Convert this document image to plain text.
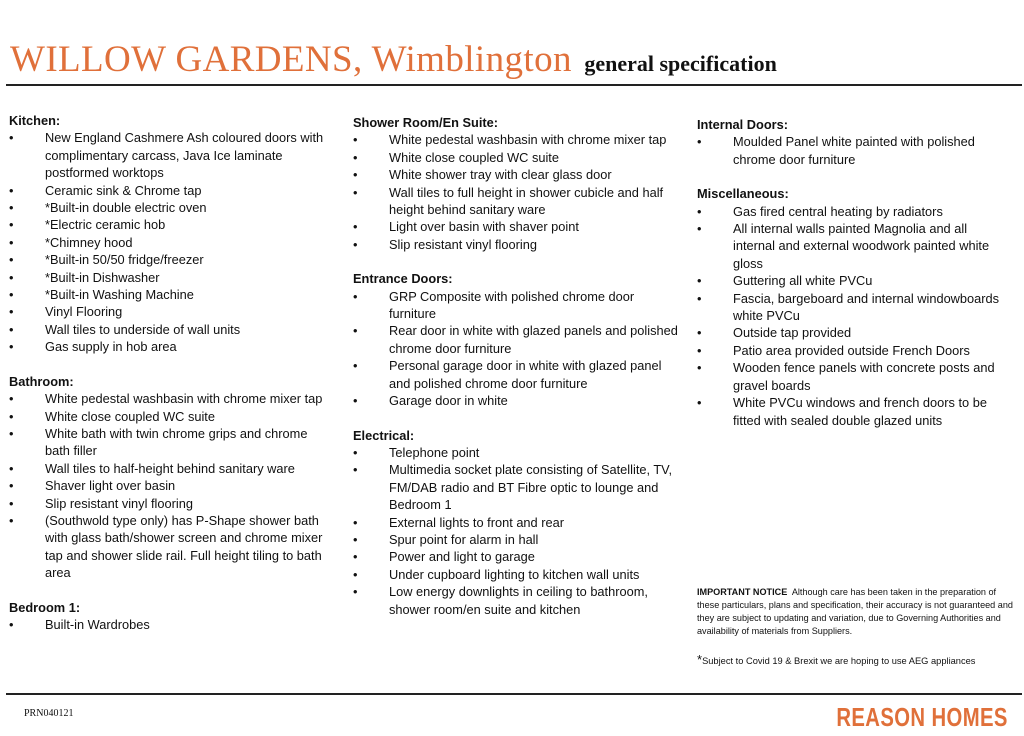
WILLOW GARDENS, Wimblington general specification
Kitchen:
• New England Cashmere Ash coloured doors with complimentary carcass, Java Ice laminate postformed worktops
• Ceramic sink & Chrome tap
• *Built-in double electric oven
• *Electric ceramic hob
• *Chimney hood
• *Built-in 50/50 fridge/freezer
• *Built-in Dishwasher
• *Built-in Washing Machine
• Vinyl Flooring
• Wall tiles to underside of wall units
• Gas supply in hob area
Bathroom:
• White pedestal washbasin with chrome mixer tap
• White close coupled WC suite
• White bath with twin chrome grips and chrome bath filler
• Wall tiles to half-height behind sanitary ware
• Shaver light over basin
• Slip resistant vinyl flooring
• (Southwold type only) has P-Shape shower bath with glass bath/shower screen and chrome mixer tap and shower slide rail. Full height tiling to bath area
Bedroom 1:
• Built-in Wardrobes
Shower Room/En Suite:
• White pedestal washbasin with chrome mixer tap
• White close coupled WC suite
• White shower tray with clear glass door
• Wall tiles to full height in shower cubicle and half height behind sanitary ware
• Light over basin with shaver point
• Slip resistant vinyl flooring
Entrance Doors:
• GRP Composite with polished chrome door furniture
• Rear door in white with glazed panels and polished chrome door furniture
• Personal garage door in white with glazed panel and polished chrome door furniture
• Garage door in white
Electrical:
• Telephone point
• Multimedia socket plate consisting of Satellite, TV, FM/DAB radio and BT Fibre optic to lounge and Bedroom 1
• External lights to front and rear
• Spur point for alarm in hall
• Power and light to garage
• Under cupboard lighting to kitchen wall units
• Low energy downlights in ceiling to bathroom, shower room/en suite and kitchen
Internal Doors:
• Moulded Panel white painted with polished chrome door furniture
Miscellaneous:
• Gas fired central heating by radiators
• All internal walls painted Magnolia and all internal and external woodwork painted white gloss
• Guttering all white PVCu
• Fascia, bargeboard and internal windowboards white PVCu
• Outside tap provided
• Patio area provided outside French Doors
• Wooden fence panels with concrete posts and gravel boards
• White PVCu windows and french doors to be fitted with sealed double glazed units
IMPORTANT NOTICE Although care has been taken in the preparation of these particulars, plans and specification, their accuracy is not guaranteed and they are subject to updating and variation, due to Governing Authorities and availability of materials from Suppliers.
*Subject to Covid 19 & Brexit we are hoping to use AEG appliances
PRN040121	REASON HOMES
